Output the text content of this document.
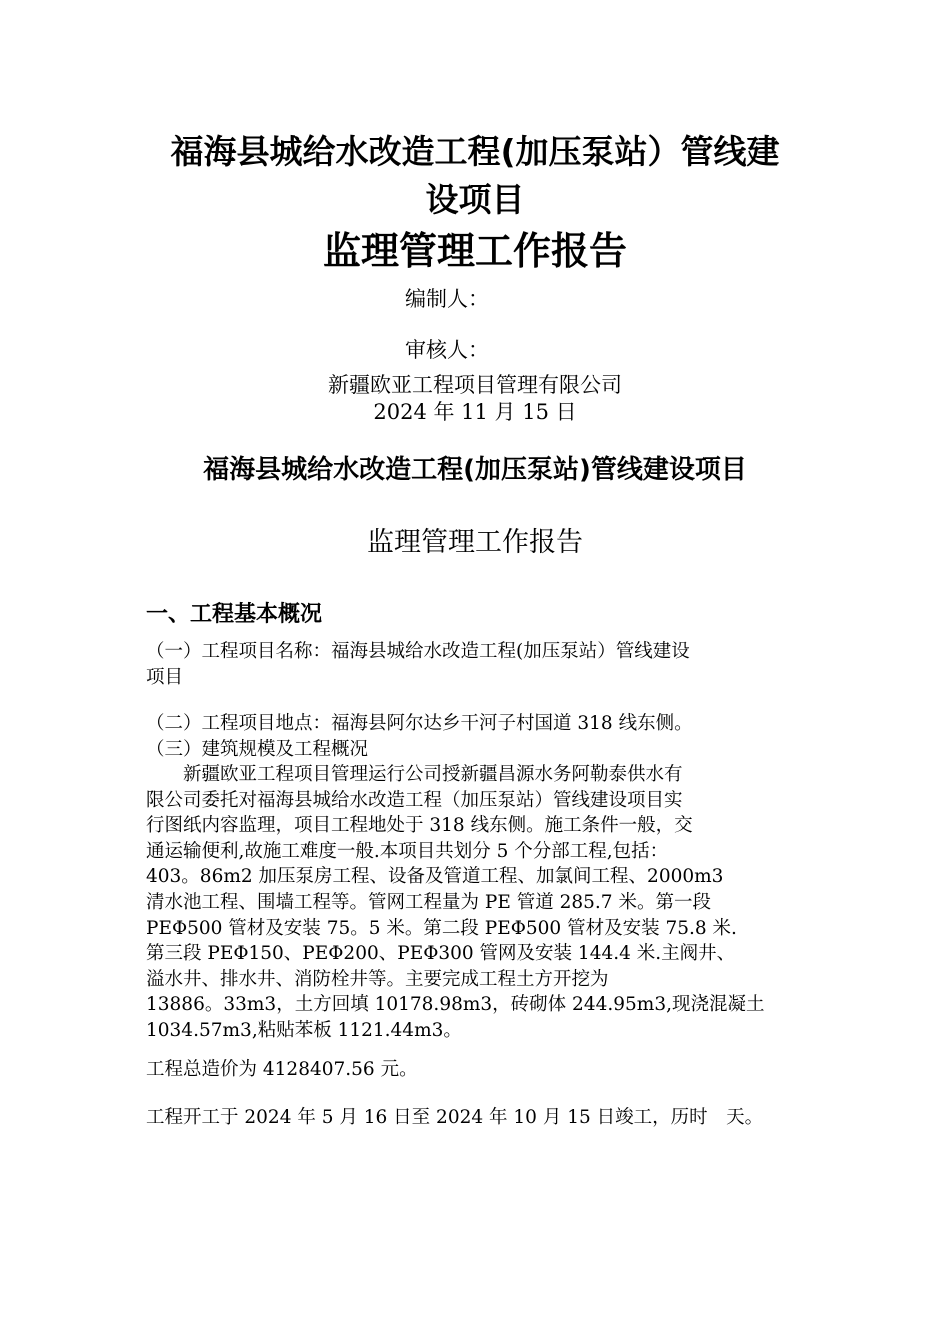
福海县城给水改造工程(加压泵站）管线建
设项目
监理管理工作报告
编制人：
审核人：
新疆欧亚工程项目管理有限公司
2024 年 11 月 15 日
福海县城给水改造工程(加压泵站)管线建设项目
监理管理工作报告
一、工程基本概况
（一）工程项目名称：福海县城给水改造工程(加压泵站）管线建设
项目
（二）工程项目地点：福海县阿尔达乡干河子村国道 318 线东侧。
（三）建筑规模及工程概况
　　新疆欧亚工程项目管理运行公司授新疆昌源水务阿勒泰供水有
限公司委托对福海县城给水改造工程（加压泵站）管线建设项目实
行图纸内容监理，项目工程地处于 318 线东侧。施工条件一般，交
通运输便利,故施工难度一般.本项目共划分 5 个分部工程,包括：
403。86m2 加压泵房工程、设备及管道工程、加氯间工程、2000m3
清水池工程、围墙工程等。管网工程量为 PE 管道 285.7 米。第一段
PEΦ500 管材及安装 75。5 米。第二段 PEΦ500 管材及安装 75.8 米.
第三段 PEΦ150、PEΦ200、PEΦ300 管网及安装 144.4 米.主阀井、
溢水井、排水井、消防栓井等。主要完成工程土方开挖为
13886。33m3，土方回填 10178.98m3，砖砌体 244.95m3,现浇混凝土
1034.57m3,粘贴苯板 1121.44m3。
工程总造价为 4128407.56 元。
工程开工于 2024 年 5 月 16 日至 2024 年 10 月 15 日竣工，历时　天。
